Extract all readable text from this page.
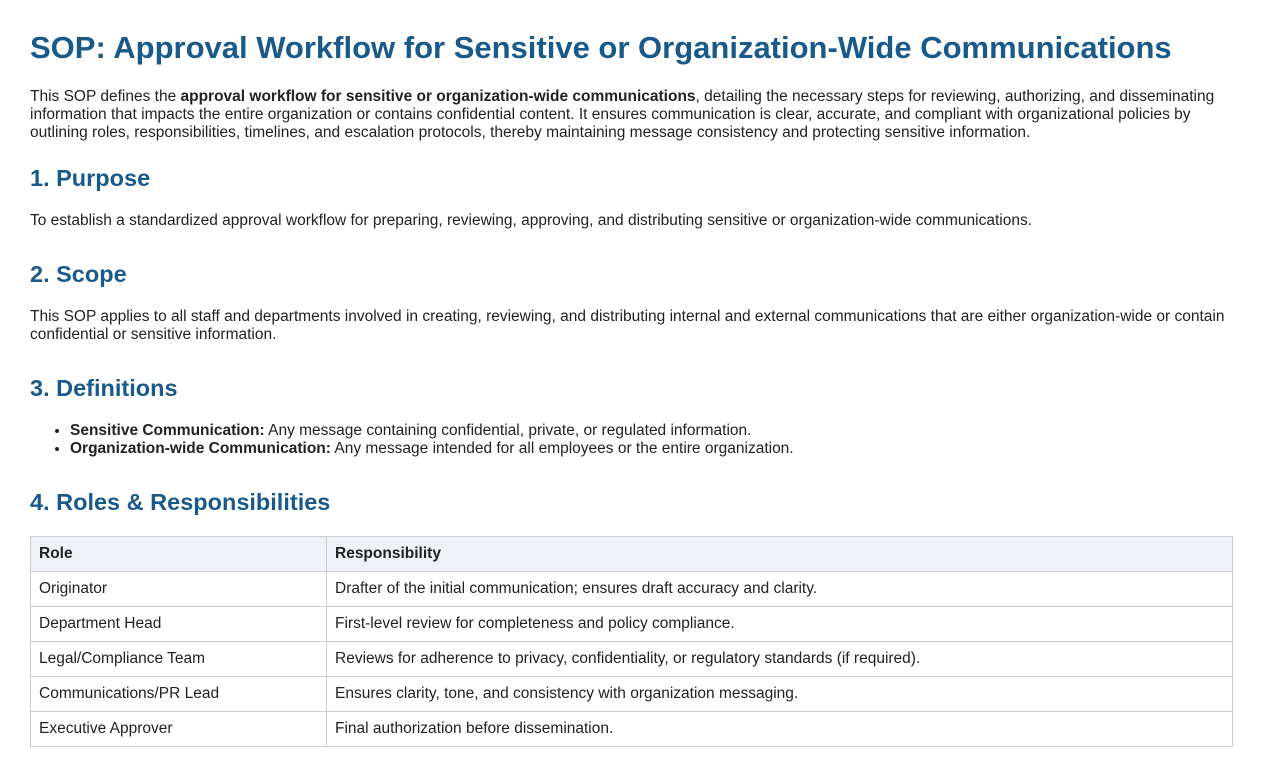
SOP: Approval Workflow for Sensitive or Organization-Wide Communications

This SOP defines the approval workflow for sensitive or organization-wide communications, detailing the necessary steps for reviewing, authorizing, and disseminating information that impacts the entire organization or contains confidential content. It ensures communication is clear, accurate, and compliant with organizational policies by outlining roles, responsibilities, timelines, and escalation protocols, thereby maintaining message consistency and protecting sensitive information.

1. Purpose

To establish a standardized approval workflow for preparing, reviewing, approving, and distributing sensitive or organization-wide communications.

2. Scope

This SOP applies to all staff and departments involved in creating, reviewing, and distributing internal and external communications that are either organization-wide or contain confidential or sensitive information.

3. Definitions
• Sensitive Communication: Any message containing confidential, private, or regulated information.
• Organization-wide Communication: Any message intended for all employees or the entire organization.
4. Roles & Responsibilities
Role	Responsibility
Originator	Drafter of the initial communication; ensures draft accuracy and clarity.
Department Head	First-level review for completeness and policy compliance.
Legal/Compliance Team	Reviews for adherence to privacy, confidentiality, or regulatory standards (if required).
Communications/PR Lead	Ensures clarity, tone, and consistency with organization messaging.
Executive Approver	Final authorization before dissemination.
